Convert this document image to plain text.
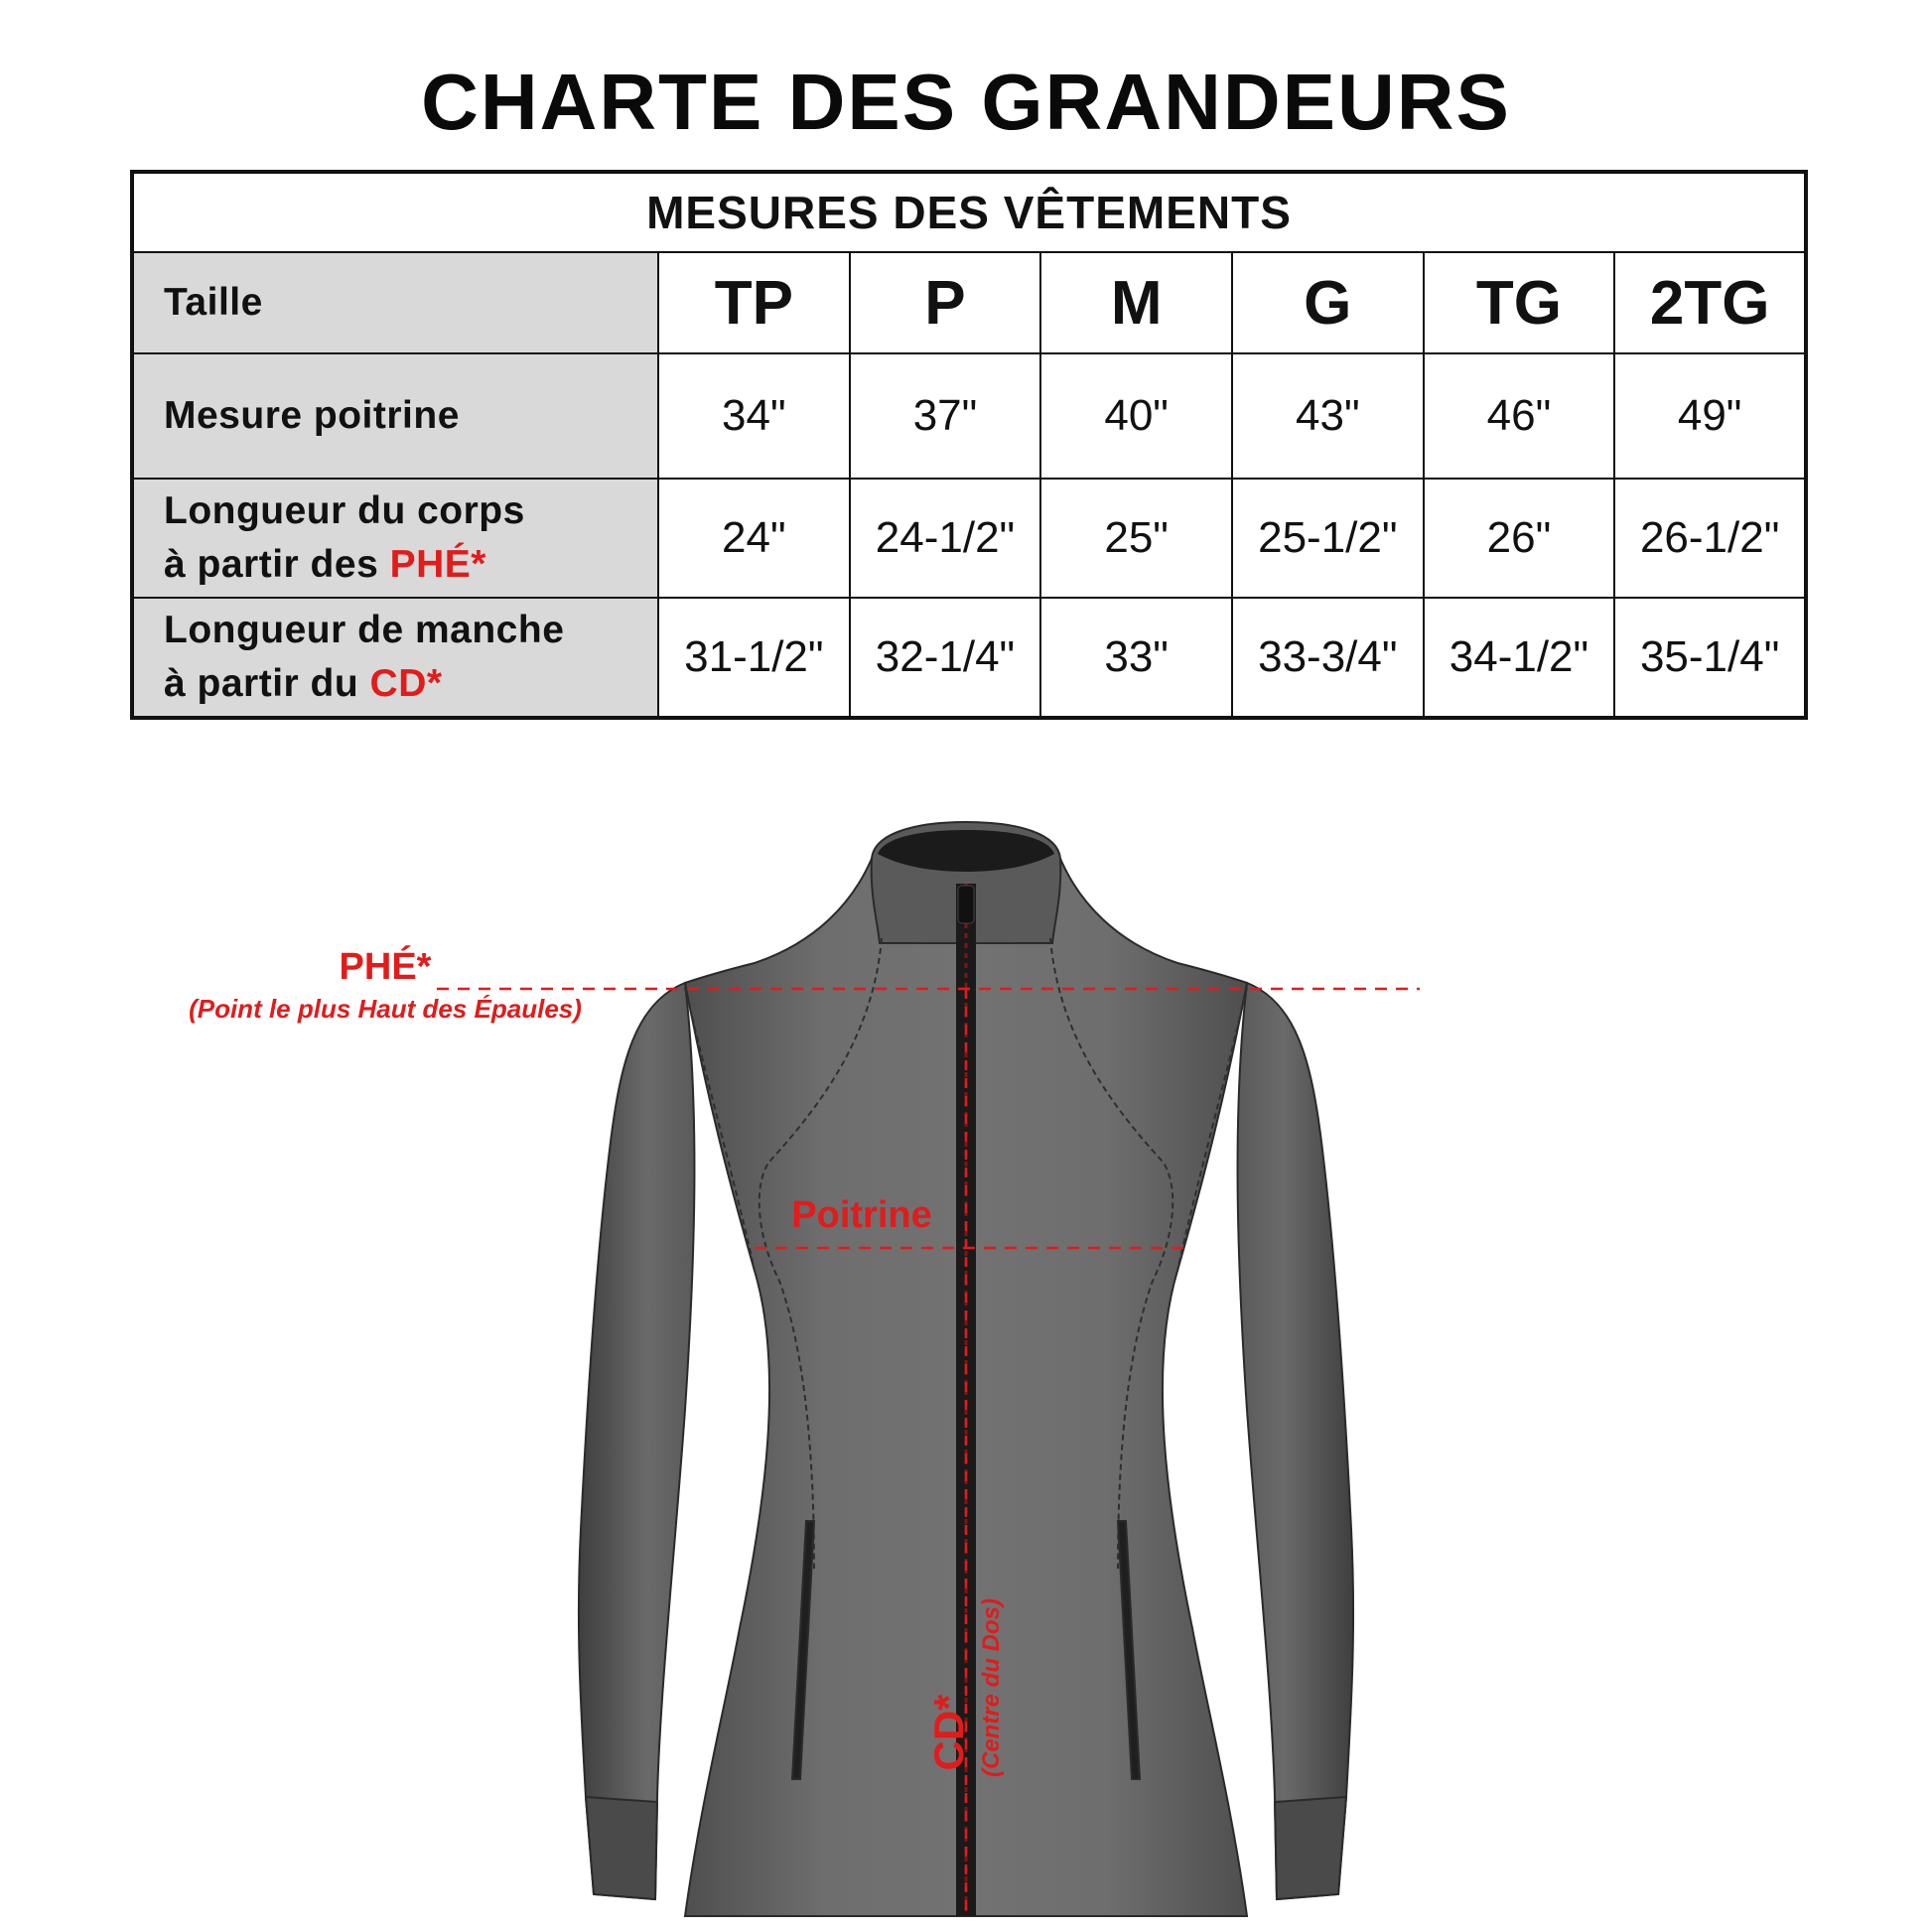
CHARTE DES GRANDEURS
MESURES DES VÊTEMENTS						
Taille	TP	P	M	G	TG	2TG
Mesure poitrine	34"	37"	40"	43"	46"	49"
Longueur du corps
à partir des PHÉ*	24"	24-1/2"	25"	25-1/2"	26"	26-1/2"
Longueur de manche
à partir du CD*	31-1/2"	32-1/4"	33"	33-3/4"	34-1/2"	35-1/4"
PHÉ*
(Point le plus Haut des Épaules)
Poitrine
CD* (Centre du Dos)
